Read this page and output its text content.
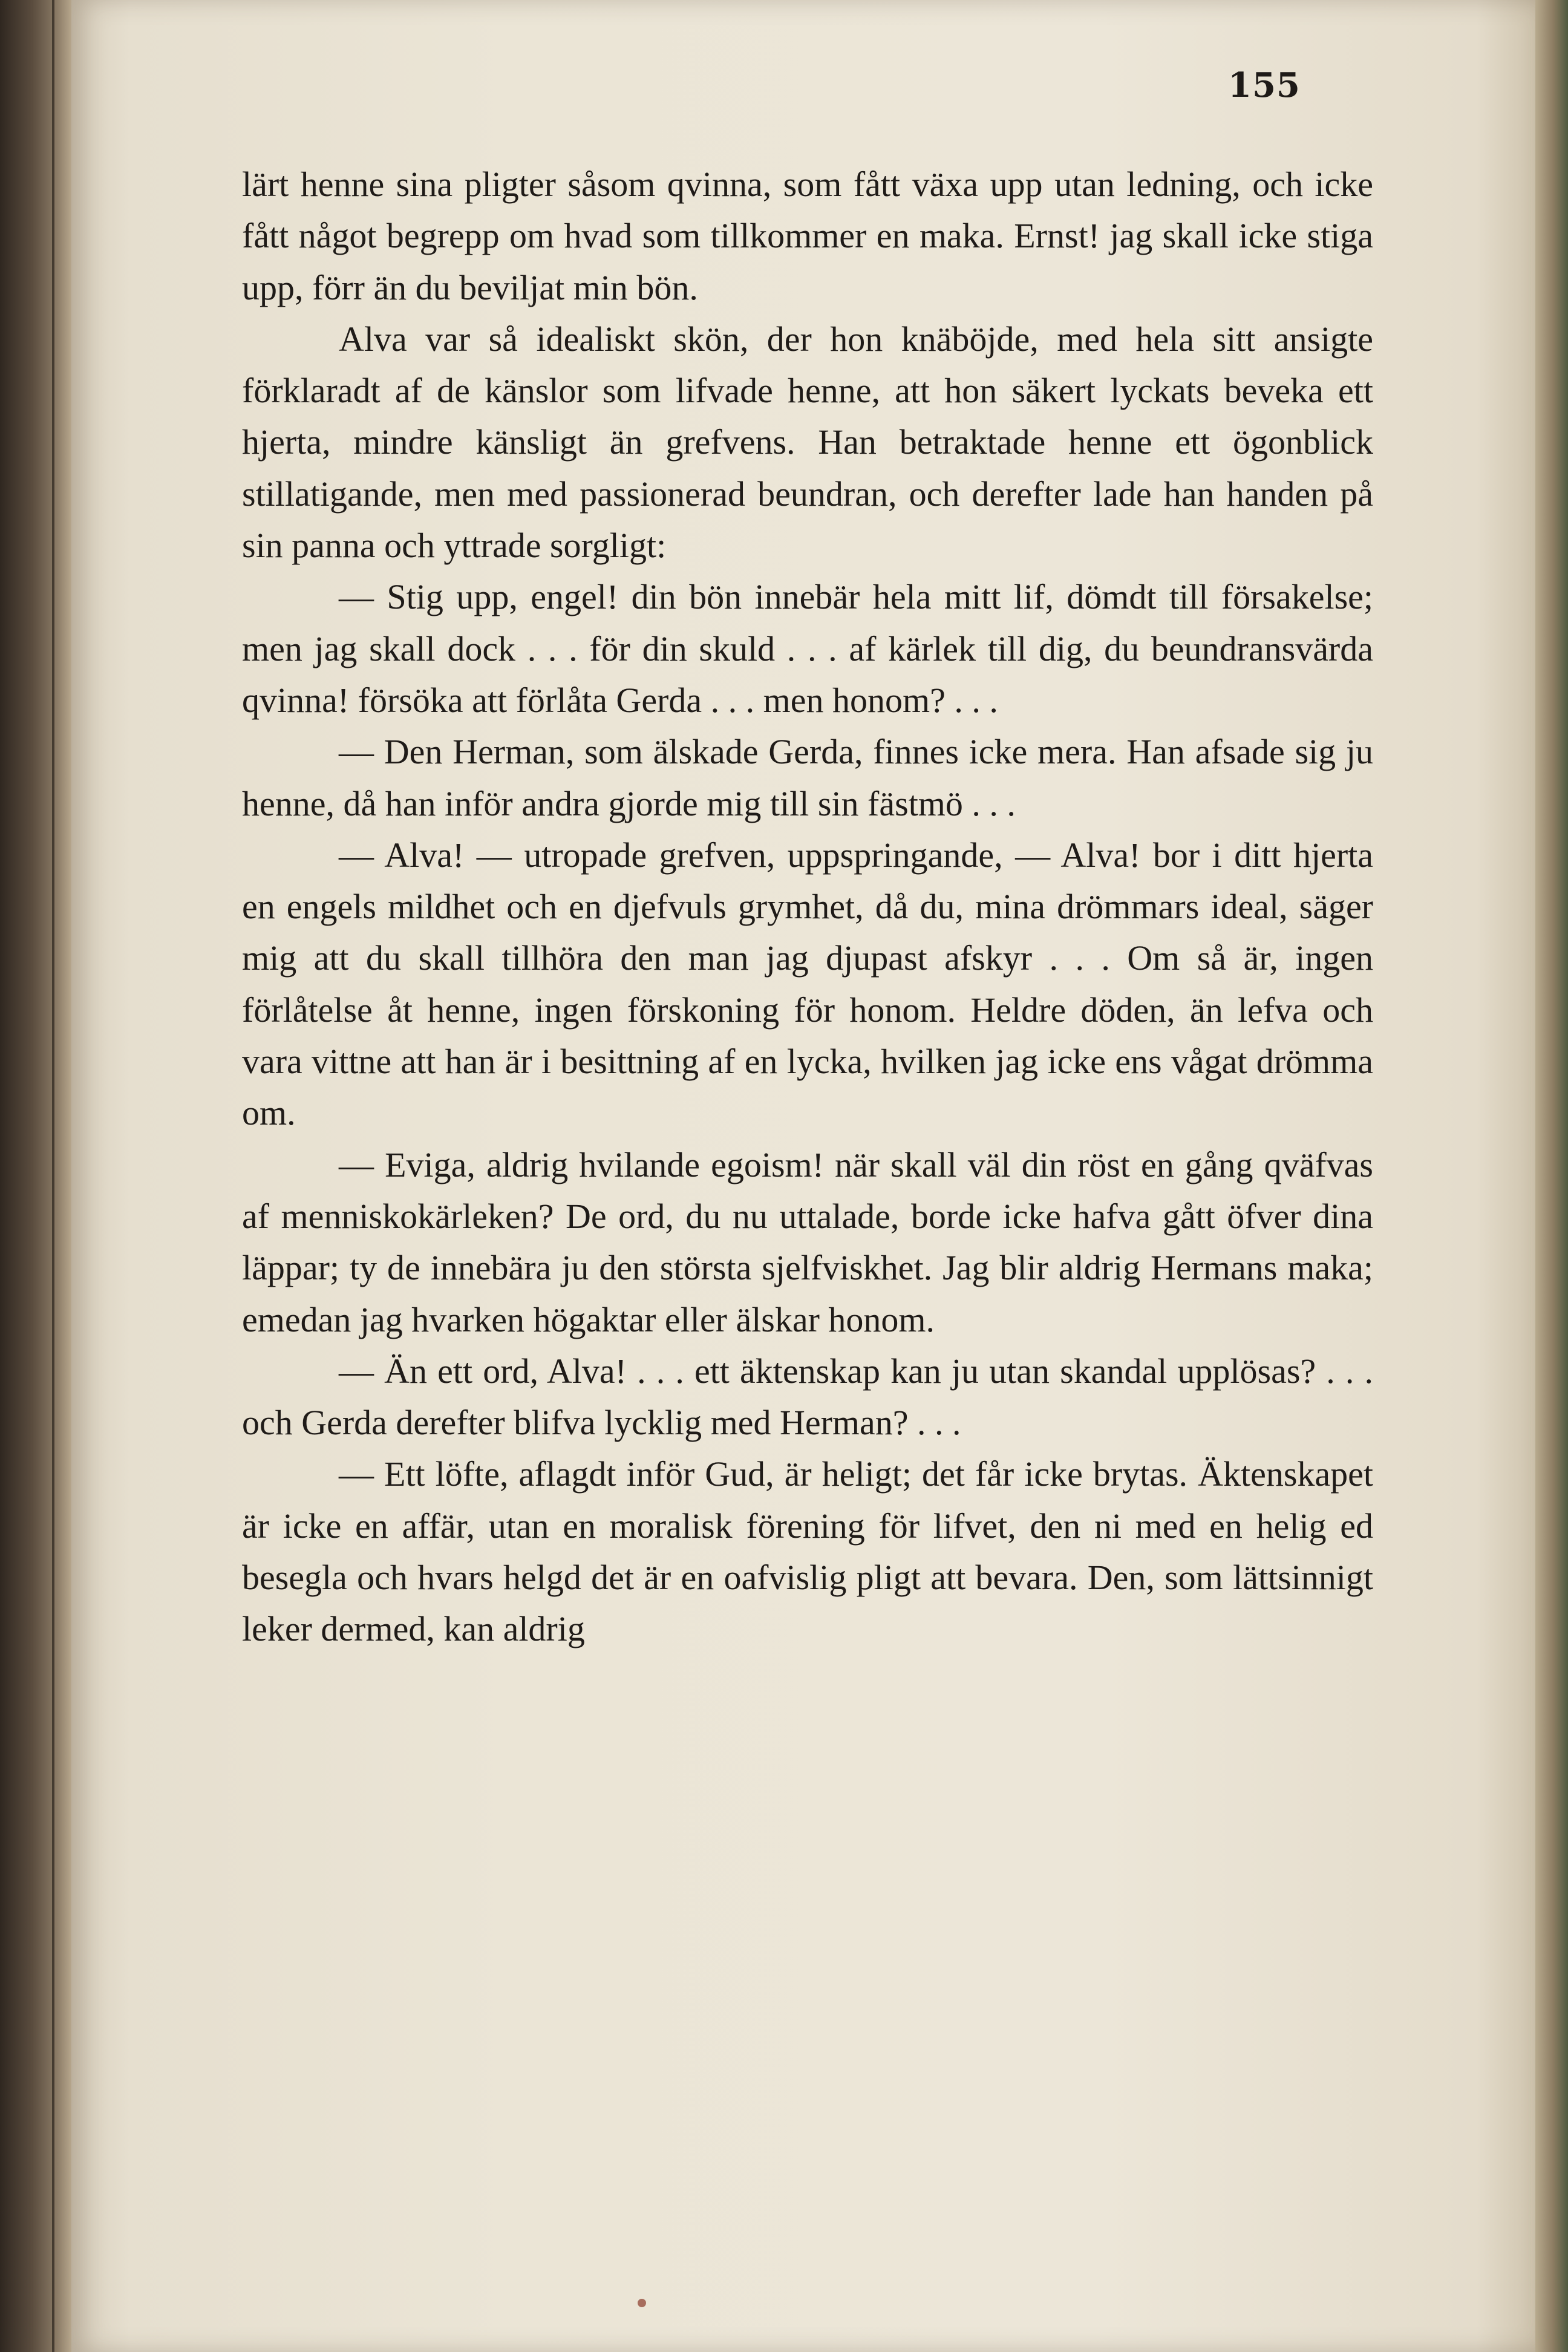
155

lärt henne sina pligter såsom qvinna, som fått växa upp utan ledning, och icke fått något begrepp om hvad som tillkommer en maka. Ernst! jag skall icke stiga upp, förr än du beviljat min bön.

Alva var så idealiskt skön, der hon knäböjde, med hela sitt ansigte förklaradt af de känslor som lifvade henne, att hon säkert lyckats beveka ett hjerta, mindre känsligt än grefvens. Han betraktade henne ett ögonblick stillatigande, men med passionerad beundran, och derefter lade han handen på sin panna och yttrade sorgligt:

— Stig upp, engel! din bön innebär hela mitt lif, dömdt till försakelse; men jag skall dock . . . för din skuld . . . af kärlek till dig, du beundransvärda qvinna! försöka att förlåta Gerda . . . men honom? . . .

— Den Herman, som älskade Gerda, finnes icke mera. Han afsade sig ju henne, då han inför andra gjorde mig till sin fästmö . . .

— Alva! — utropade grefven, uppspringande, — Alva! bor i ditt hjerta en engels mildhet och en djefvuls grymhet, då du, mina drömmars ideal, säger mig att du skall tillhöra den man jag djupast afskyr . . . Om så är, ingen förlåtelse åt henne, ingen förskoning för honom. Heldre döden, än lefva och vara vittne att han är i besittning af en lycka, hvilken jag icke ens vågat drömma om.

— Eviga, aldrig hvilande egoism! när skall väl din röst en gång qväfvas af menniskokärleken? De ord, du nu uttalade, borde icke hafva gått öfver dina läppar; ty de innebära ju den största sjelfviskhet. Jag blir aldrig Hermans maka; emedan jag hvarken högaktar eller älskar honom.

— Än ett ord, Alva! . . . ett äktenskap kan ju utan skandal upplösas? . . . och Gerda derefter blifva lycklig med Herman? . . .

— Ett löfte, aflagdt inför Gud, är heligt; det får icke brytas. Äktenskapet är icke en affär, utan en moralisk förening för lifvet, den ni med en helig ed besegla och hvars helgd det är en oafvislig pligt att bevara. Den, som lättsinnigt leker dermed, kan aldrig
